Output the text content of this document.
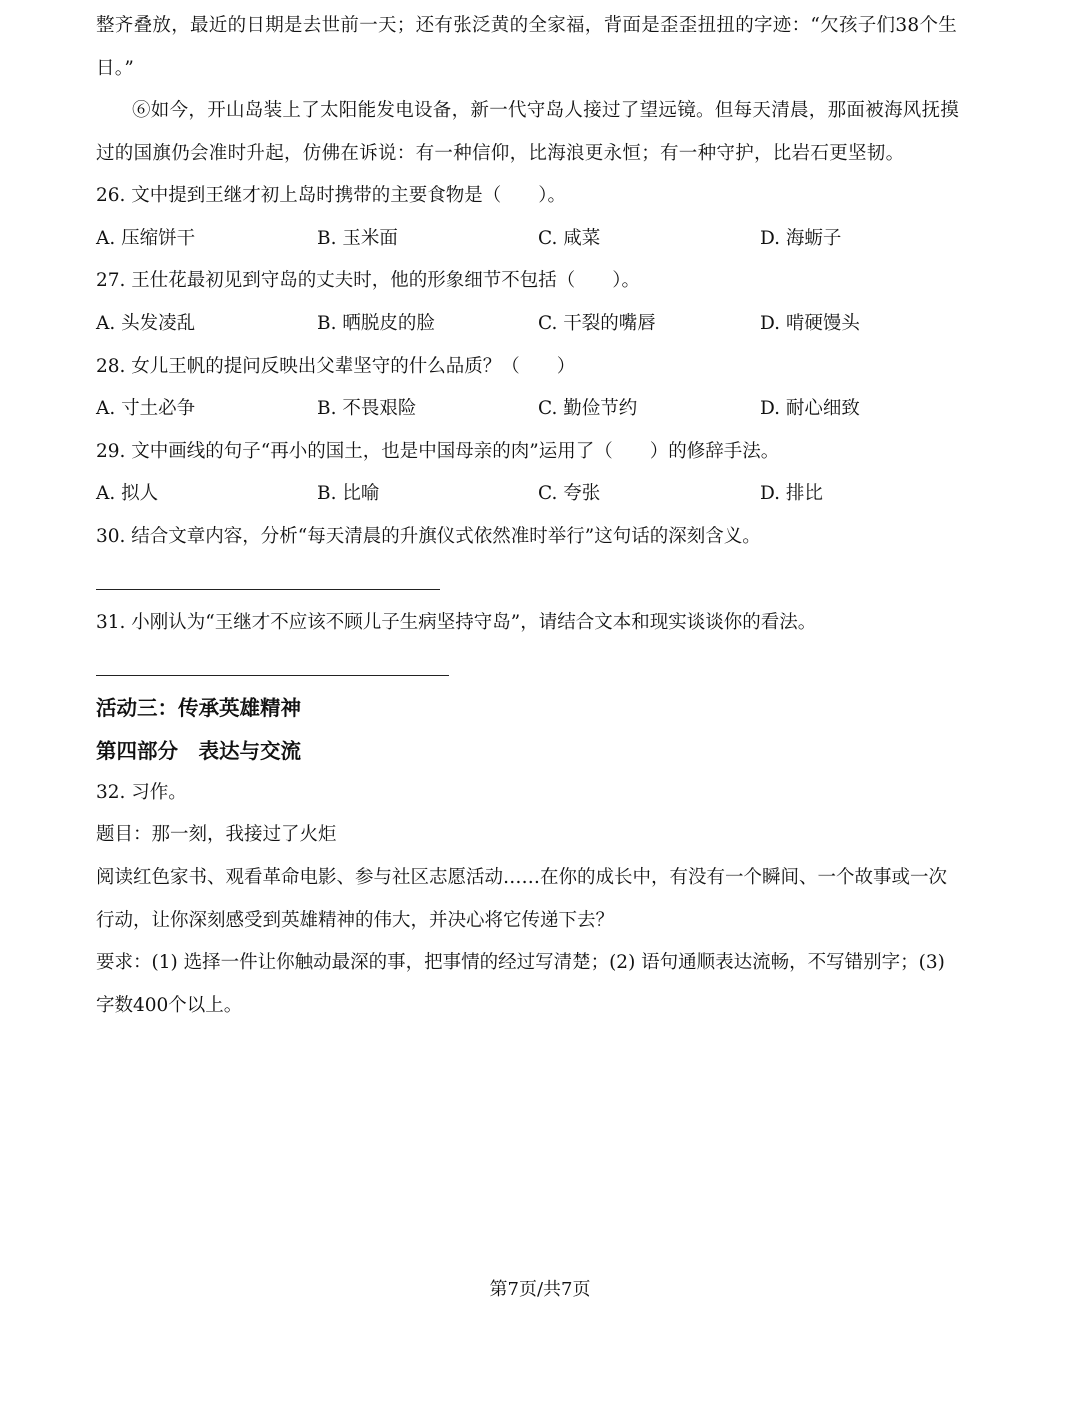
整齐叠放，最近的日期是去世前一天；还有张泛黄的全家福，背面是歪歪扭扭的字迹：“欠孩子们38个生
日。”
⑥如今，开山岛装上了太阳能发电设备，新一代守岛人接过了望远镜。但每天清晨，那面被海风抚摸
过的国旗仍会准时升起，仿佛在诉说：有一种信仰，比海浪更永恒；有一种守护，比岩石更坚韧。
26. 文中提到王继才初上岛时携带的主要食物是（　　）。
A. 压缩饼干	B. 玉米面	C. 咸菜	D. 海蛎子
27. 王仕花最初见到守岛的丈夫时，他的形象细节不包括（　　）。
A. 头发凌乱	B. 晒脱皮的脸	C. 干裂的嘴唇	D. 啃硬馒头
28. 女儿王帆的提问反映出父辈坚守的什么品质？（　　）
A. 寸土必争	B. 不畏艰险	C. 勤俭节约	D. 耐心细致
29. 文中画线的句子“再小的国土，也是中国母亲的肉”运用了（　　）的修辞手法。
A. 拟人	B. 比喻	C. 夸张	D. 排比
30. 结合文章内容，分析“每天清晨的升旗仪式依然准时举行”这句话的深刻含义。
31. 小刚认为“王继才不应该不顾儿子生病坚持守岛”，请结合文本和现实谈谈你的看法。
活动三：传承英雄精神
第四部分　表达与交流
32. 习作。
题目：那一刻，我接过了火炬
阅读红色家书、观看革命电影、参与社区志愿活动……在你的成长中，有没有一个瞬间、一个故事或一次
行动，让你深刻感受到英雄精神的伟大，并决心将它传递下去？
要求：(1) 选择一件让你触动最深的事，把事情的经过写清楚；(2) 语句通顺表达流畅，不写错别字；(3)
字数400个以上。
第7页/共7页
